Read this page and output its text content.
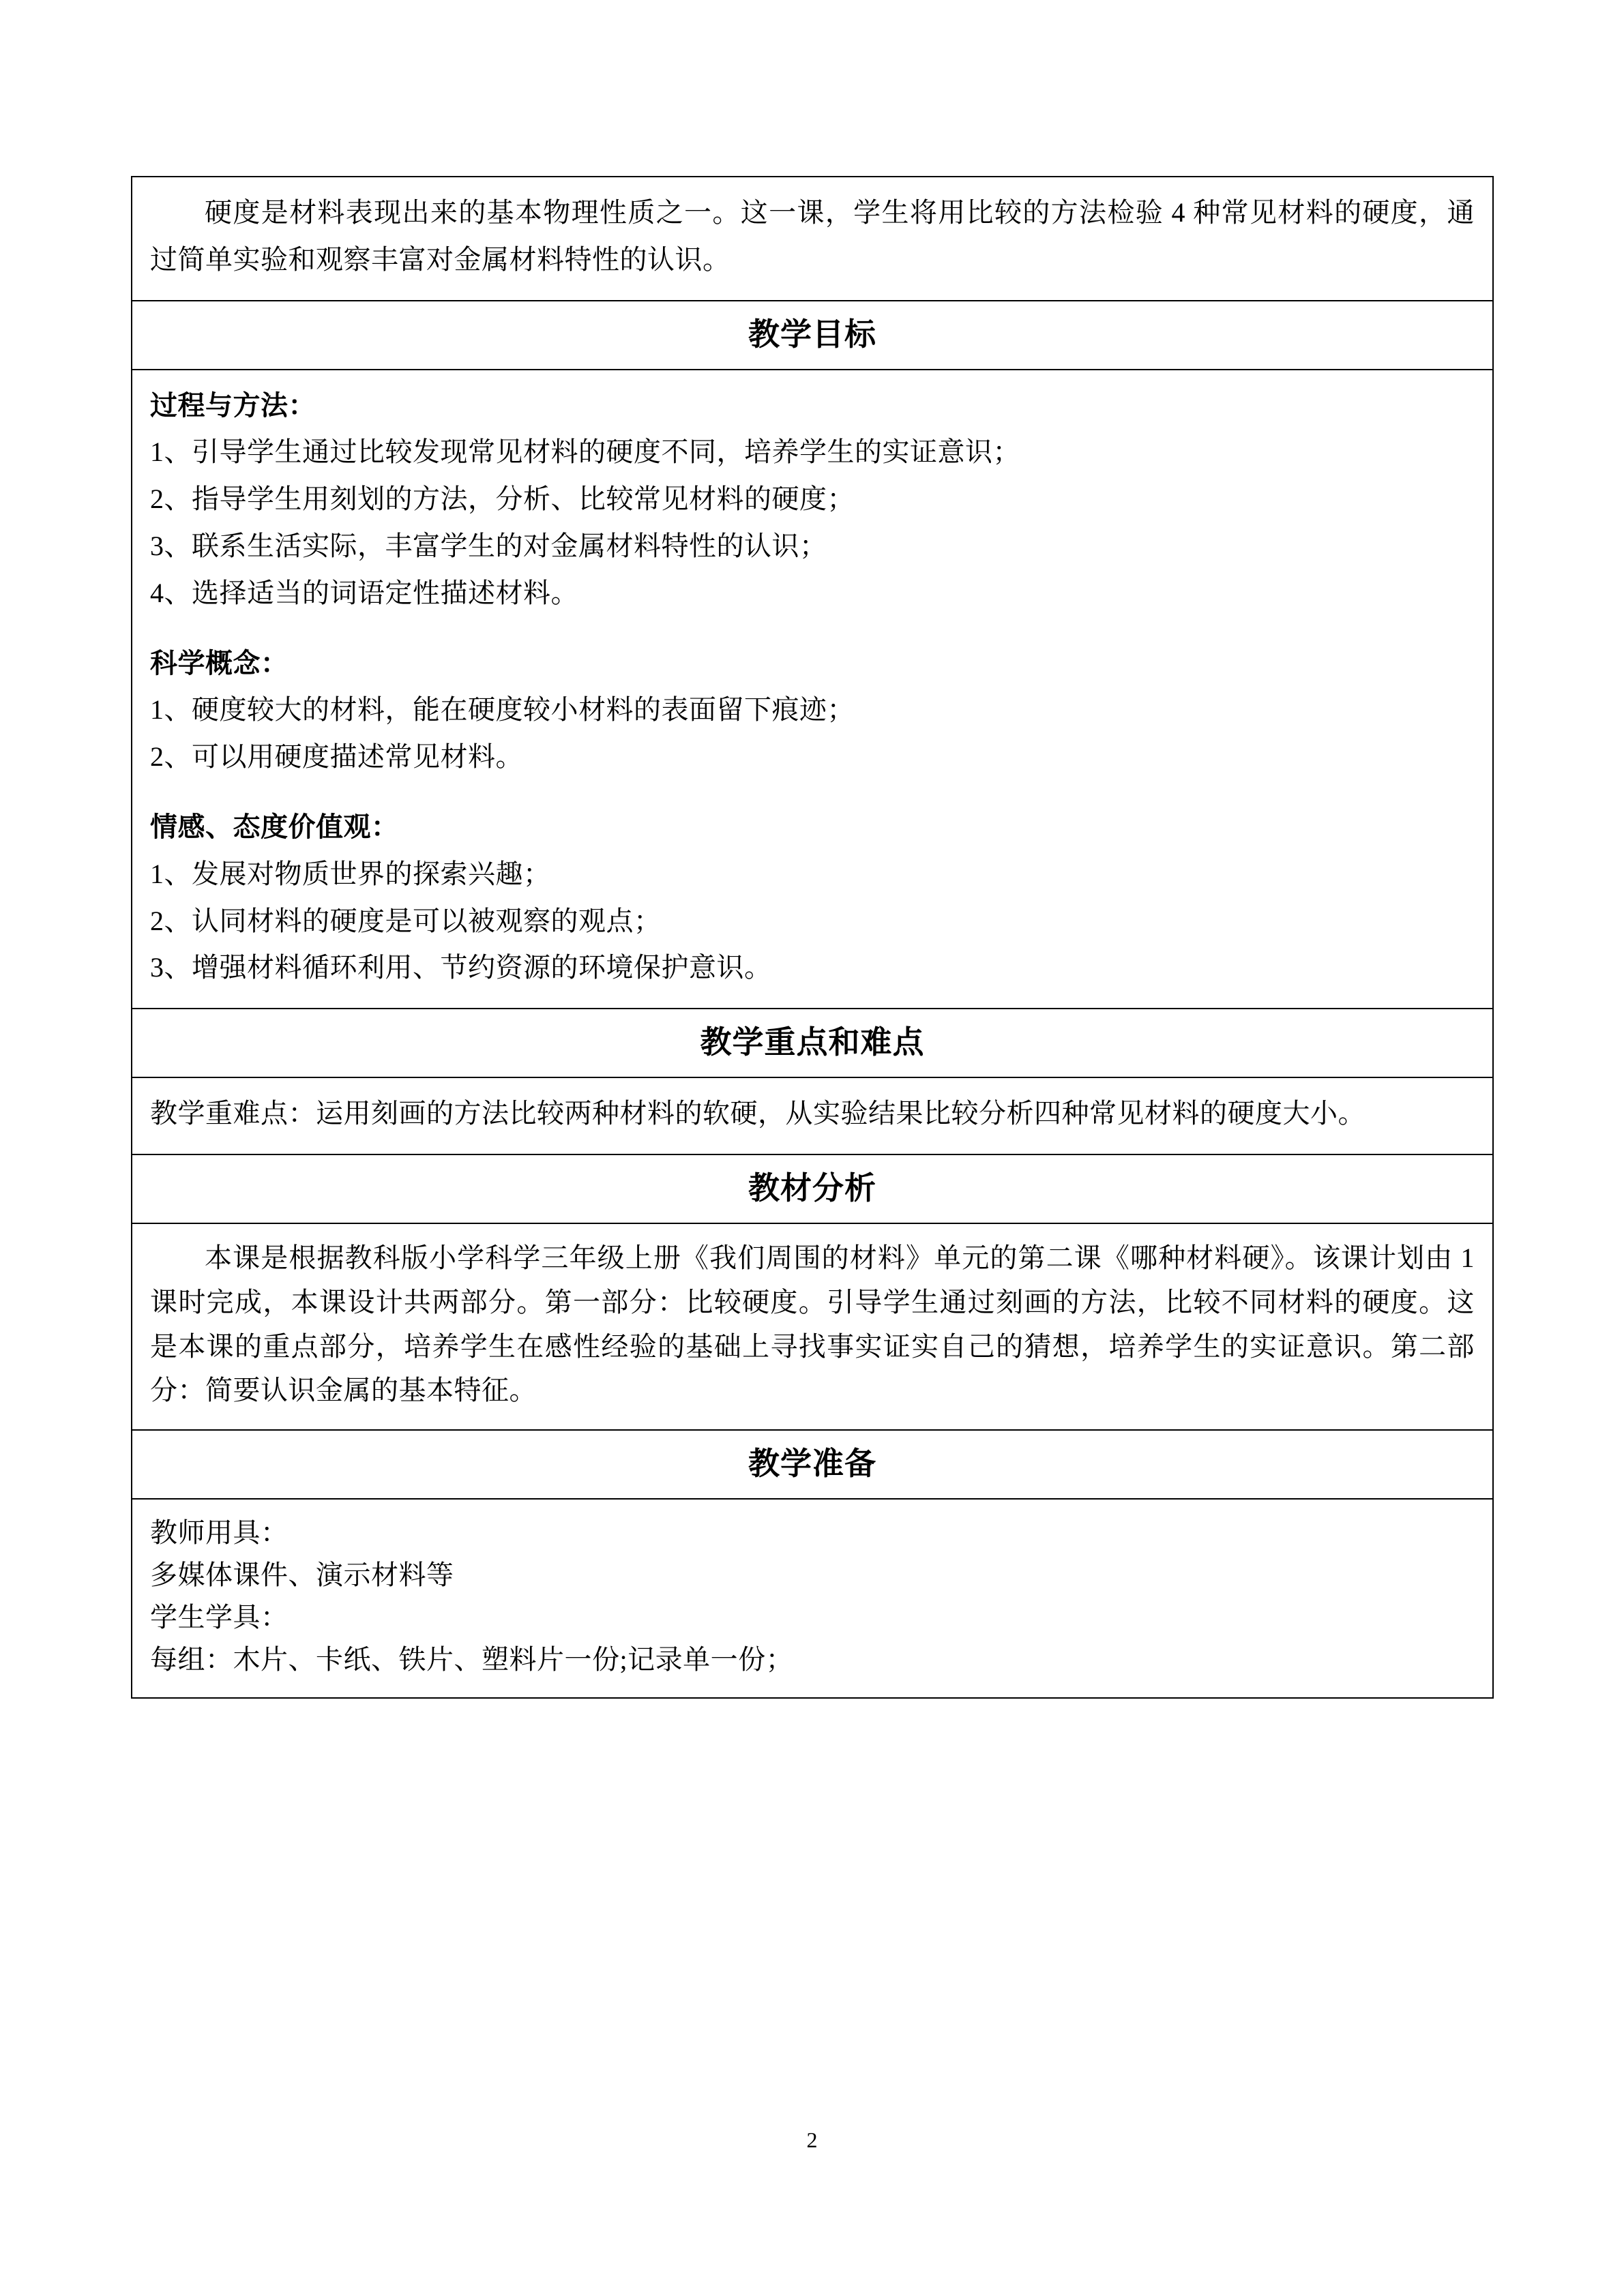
硬度是材料表现出来的基本物理性质之一。这一课，学生将用比较的方法检验 4 种常见材料的硬度，通过简单实验和观察丰富对金属材料特性的认识。

教学目标

过程与方法：

1、引导学生通过比较发现常见材料的硬度不同，培养学生的实证意识；

2、指导学生用刻划的方法，分析、比较常见材料的硬度；

3、联系生活实际，丰富学生的对金属材料特性的认识；

4、选择适当的词语定性描述材料。

科学概念：

1、硬度较大的材料，能在硬度较小材料的表面留下痕迹；

2、可以用硬度描述常见材料。

情感、态度价值观：

1、发展对物质世界的探索兴趣；

2、认同材料的硬度是可以被观察的观点；

3、增强材料循环利用、节约资源的环境保护意识。

教学重点和难点

教学重难点：运用刻画的方法比较两种材料的软硬，从实验结果比较分析四种常见材料的硬度大小。

教材分析

本课是根据教科版小学科学三年级上册《我们周围的材料》单元的第二课《哪种材料硬》。该课计划由 1 课时完成，本课设计共两部分。第一部分：比较硬度。引导学生通过刻画的方法，比较不同材料的硬度。这是本课的重点部分，培养学生在感性经验的基础上寻找事实证实自己的猜想，培养学生的实证意识。第二部分：简要认识金属的基本特征。

教学准备

教师用具：

多媒体课件、演示材料等

学生学具：

每组：木片、卡纸、铁片、塑料片一份;记录单一份；

2
